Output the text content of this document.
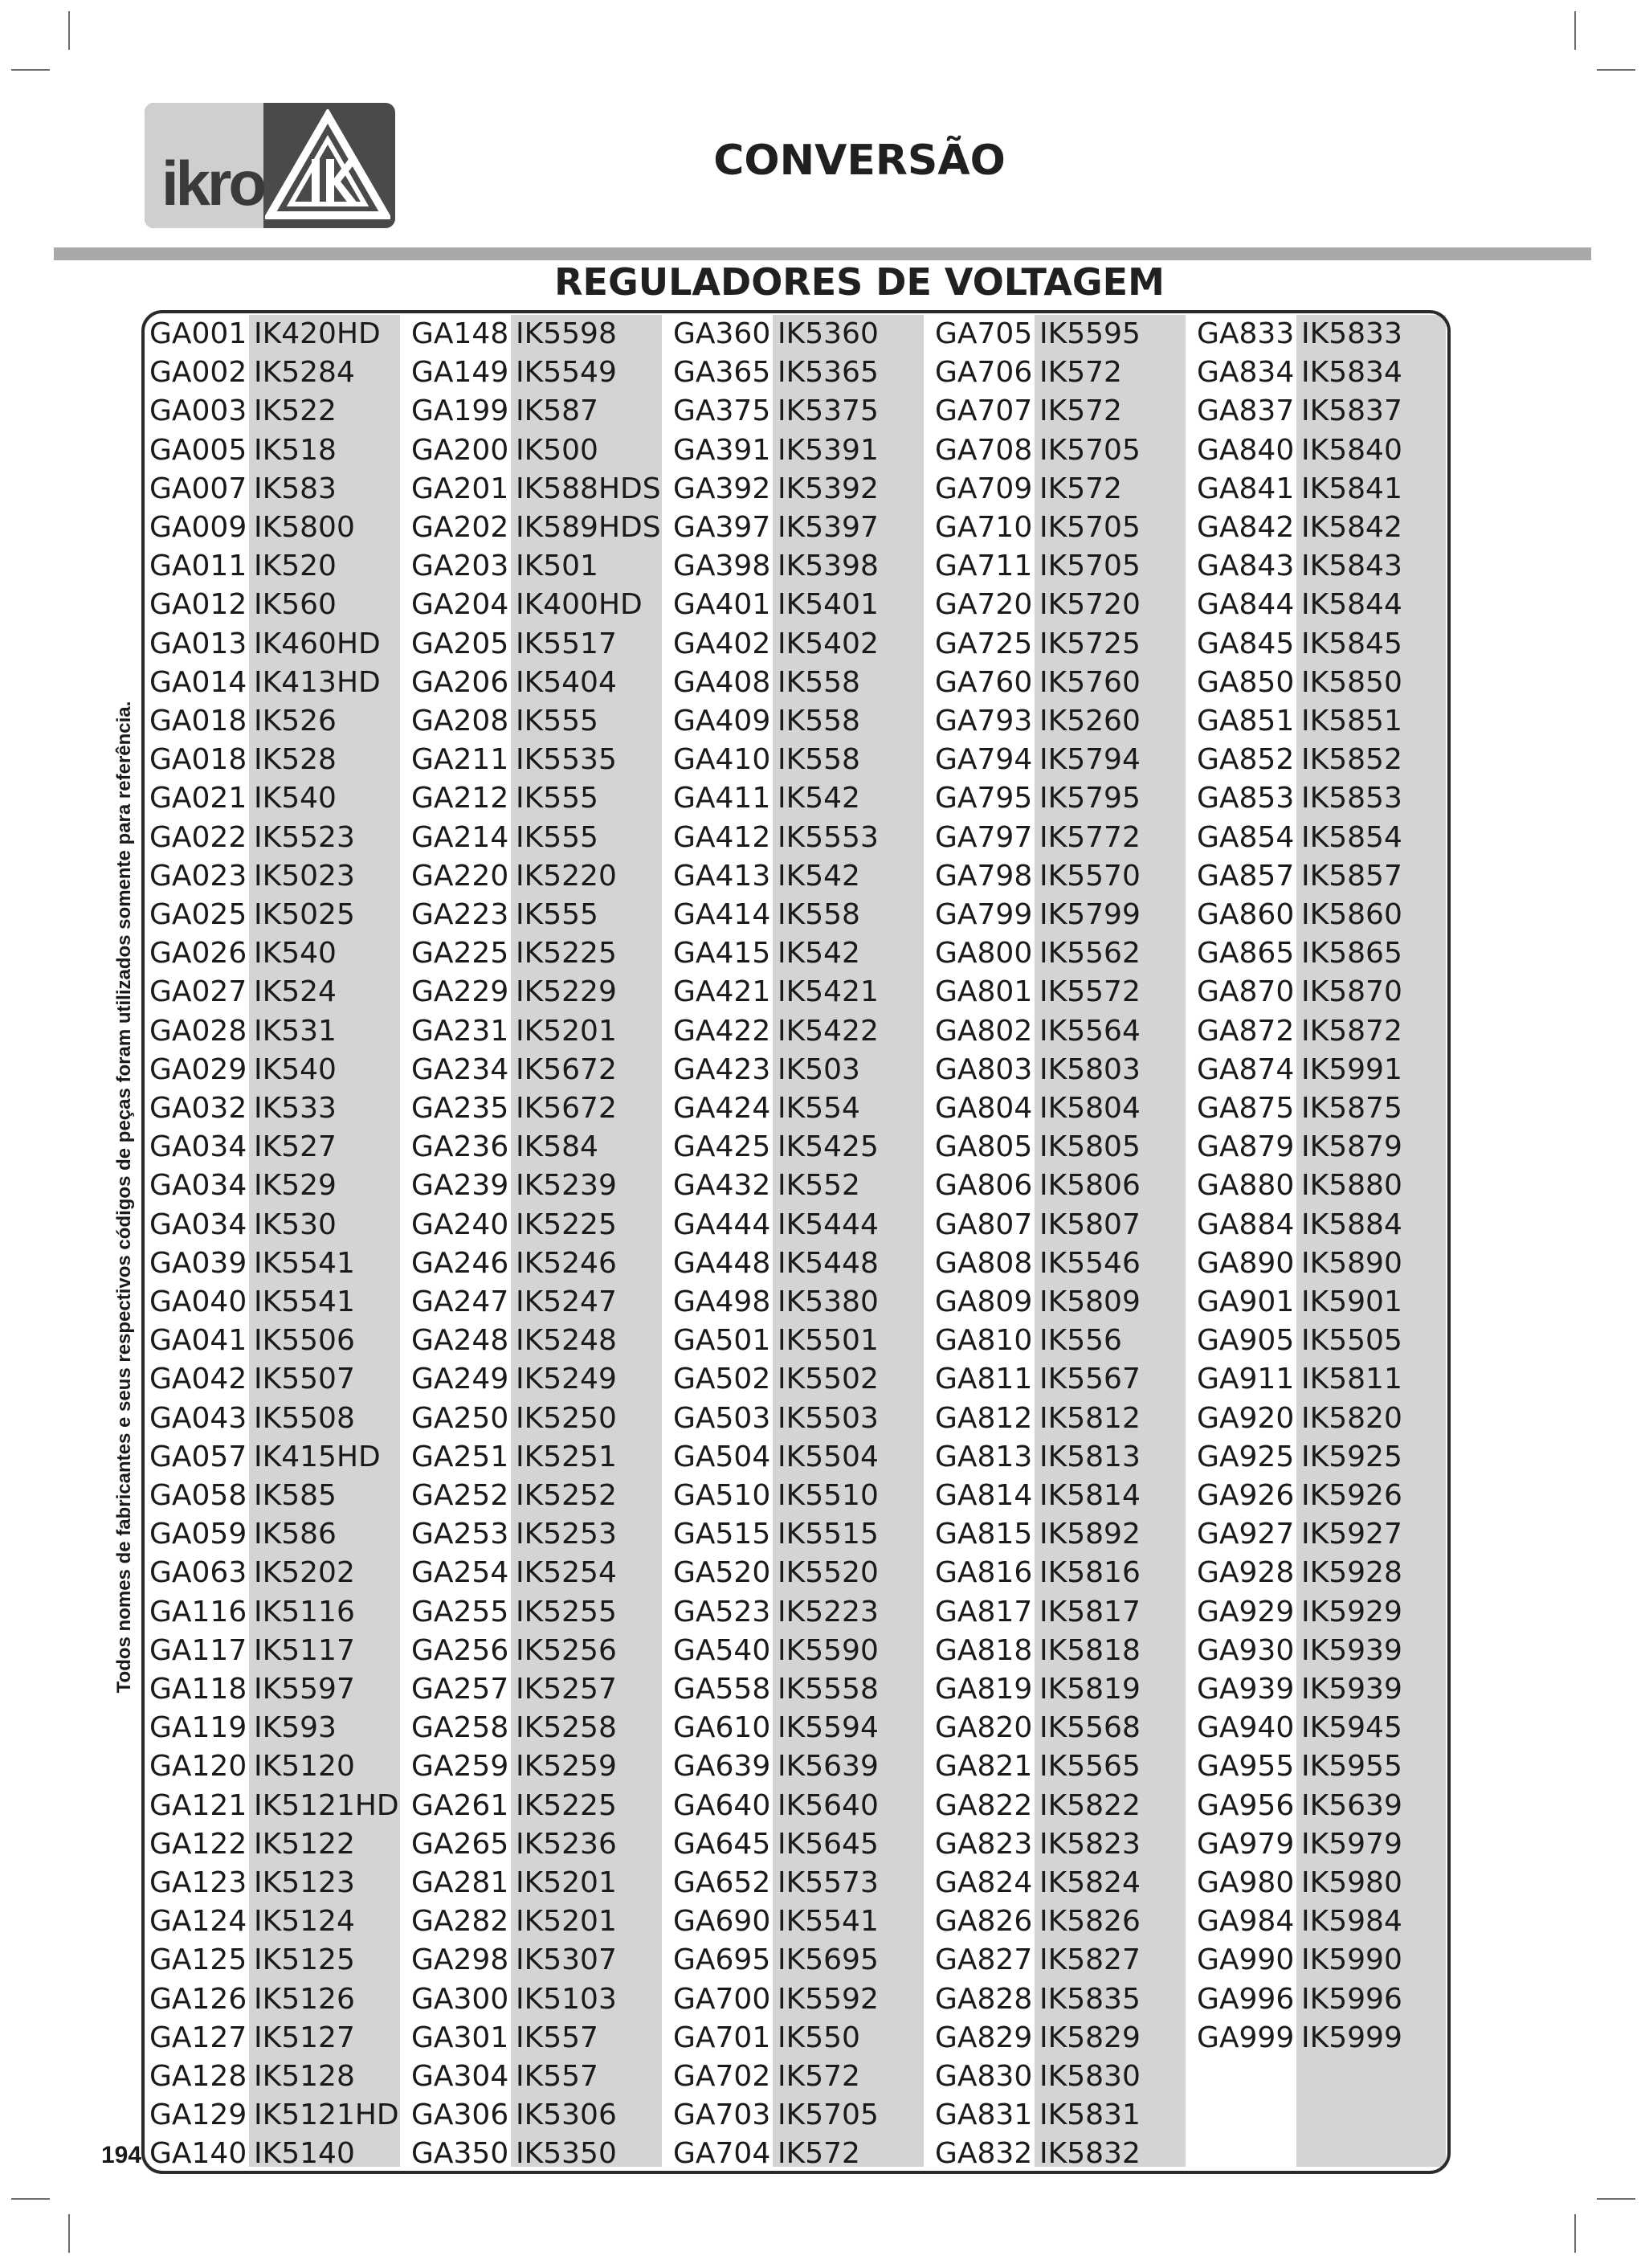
ikro	CONVERSÃO
REGULADORES DE VOLTAGEM
Todos nomes de fabricantes e seus respectivos códigos de peças foram utilizados somente para referência.
194
GA001 IK420HD
GA002 IK5284
GA003 IK522
GA005 IK518
GA007 IK583
GA009 IK5800
GA011 IK520
GA012 IK560
GA013 IK460HD
GA014 IK413HD
GA018 IK526
GA018 IK528
GA021 IK540
GA022 IK5523
GA023 IK5023
GA025 IK5025
GA026 IK540
GA027 IK524
GA028 IK531
GA029 IK540
GA032 IK533
GA034 IK527
GA034 IK529
GA034 IK530
GA039 IK5541
GA040 IK5541
GA041 IK5506
GA042 IK5507
GA043 IK5508
GA057 IK415HD
GA058 IK585
GA059 IK586
GA063 IK5202
GA116 IK5116
GA117 IK5117
GA118 IK5597
GA119 IK593
GA120 IK5120
GA121 IK5121HD
GA122 IK5122
GA123 IK5123
GA124 IK5124
GA125 IK5125
GA126 IK5126
GA127 IK5127
GA128 IK5128
GA129 IK5121HD
GA140 IK5140
GA148 IK5598
GA149 IK5549
GA199 IK587
GA200 IK500
GA201 IK588HDS
GA202 IK589HDS
GA203 IK501
GA204 IK400HD
GA205 IK5517
GA206 IK5404
GA208 IK555
GA211 IK5535
GA212 IK555
GA214 IK555
GA220 IK5220
GA223 IK555
GA225 IK5225
GA229 IK5229
GA231 IK5201
GA234 IK5672
GA235 IK5672
GA236 IK584
GA239 IK5239
GA240 IK5225
GA246 IK5246
GA247 IK5247
GA248 IK5248
GA249 IK5249
GA250 IK5250
GA251 IK5251
GA252 IK5252
GA253 IK5253
GA254 IK5254
GA255 IK5255
GA256 IK5256
GA257 IK5257
GA258 IK5258
GA259 IK5259
GA261 IK5225
GA265 IK5236
GA281 IK5201
GA282 IK5201
GA298 IK5307
GA300 IK5103
GA301 IK557
GA304 IK557
GA306 IK5306
GA350 IK5350
GA360 IK5360
GA365 IK5365
GA375 IK5375
GA391 IK5391
GA392 IK5392
GA397 IK5397
GA398 IK5398
GA401 IK5401
GA402 IK5402
GA408 IK558
GA409 IK558
GA410 IK558
GA411 IK542
GA412 IK5553
GA413 IK542
GA414 IK558
GA415 IK542
GA421 IK5421
GA422 IK5422
GA423 IK503
GA424 IK554
GA425 IK5425
GA432 IK552
GA444 IK5444
GA448 IK5448
GA498 IK5380
GA501 IK5501
GA502 IK5502
GA503 IK5503
GA504 IK5504
GA510 IK5510
GA515 IK5515
GA520 IK5520
GA523 IK5223
GA540 IK5590
GA558 IK5558
GA610 IK5594
GA639 IK5639
GA640 IK5640
GA645 IK5645
GA652 IK5573
GA690 IK5541
GA695 IK5695
GA700 IK5592
GA701 IK550
GA702 IK572
GA703 IK5705
GA704 IK572
GA705 IK5595
GA706 IK572
GA707 IK572
GA708 IK5705
GA709 IK572
GA710 IK5705
GA711 IK5705
GA720 IK5720
GA725 IK5725
GA760 IK5760
GA793 IK5260
GA794 IK5794
GA795 IK5795
GA797 IK5772
GA798 IK5570
GA799 IK5799
GA800 IK5562
GA801 IK5572
GA802 IK5564
GA803 IK5803
GA804 IK5804
GA805 IK5805
GA806 IK5806
GA807 IK5807
GA808 IK5546
GA809 IK5809
GA810 IK556
GA811 IK5567
GA812 IK5812
GA813 IK5813
GA814 IK5814
GA815 IK5892
GA816 IK5816
GA817 IK5817
GA818 IK5818
GA819 IK5819
GA820 IK5568
GA821 IK5565
GA822 IK5822
GA823 IK5823
GA824 IK5824
GA826 IK5826
GA827 IK5827
GA828 IK5835
GA829 IK5829
GA830 IK5830
GA831 IK5831
GA832 IK5832
GA833 IK5833
GA834 IK5834
GA837 IK5837
GA840 IK5840
GA841 IK5841
GA842 IK5842
GA843 IK5843
GA844 IK5844
GA845 IK5845
GA850 IK5850
GA851 IK5851
GA852 IK5852
GA853 IK5853
GA854 IK5854
GA857 IK5857
GA860 IK5860
GA865 IK5865
GA870 IK5870
GA872 IK5872
GA874 IK5991
GA875 IK5875
GA879 IK5879
GA880 IK5880
GA884 IK5884
GA890 IK5890
GA901 IK5901
GA905 IK5505
GA911 IK5811
GA920 IK5820
GA925 IK5925
GA926 IK5926
GA927 IK5927
GA928 IK5928
GA929 IK5929
GA930 IK5939
GA939 IK5939
GA940 IK5945
GA955 IK5955
GA956 IK5639
GA979 IK5979
GA980 IK5980
GA984 IK5984
GA990 IK5990
GA996 IK5996
GA999 IK5999
